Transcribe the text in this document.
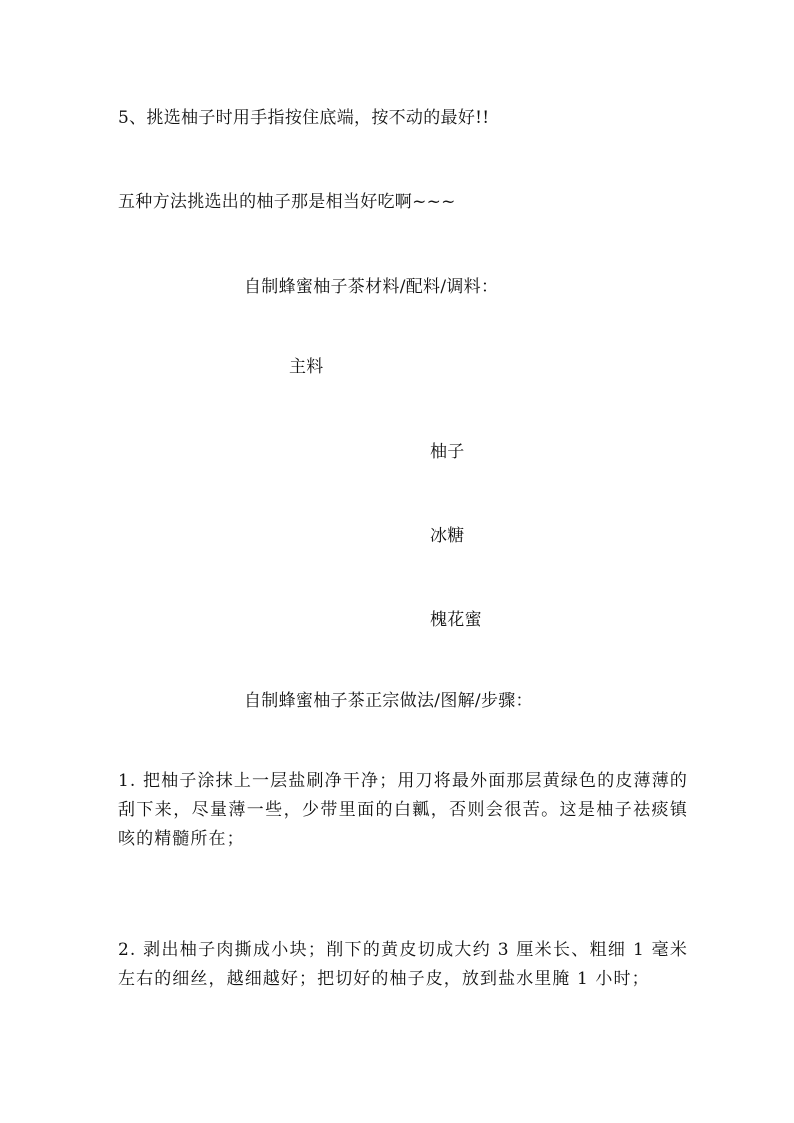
5、挑选柚子时用手指按住底端，按不动的最好!!
五种方法挑选出的柚子那是相当好吃啊~~~
自制蜂蜜柚子茶材料/配料/调料：
主料
柚子
冰糖
槐花蜜
自制蜂蜜柚子茶正宗做法/图解/步骤：
1. 把柚子涂抹上一层盐刷净干净；用刀将最外面那层黄绿色的皮薄薄的刮下来，尽量薄一些，少带里面的白瓤，否则会很苦。这是柚子祛痰镇咳的精髓所在；
2. 剥出柚子肉撕成小块；削下的黄皮切成大约 3 厘米长、粗细 1 毫米左右的细丝，越细越好；把切好的柚子皮，放到盐水里腌 1 小时；
